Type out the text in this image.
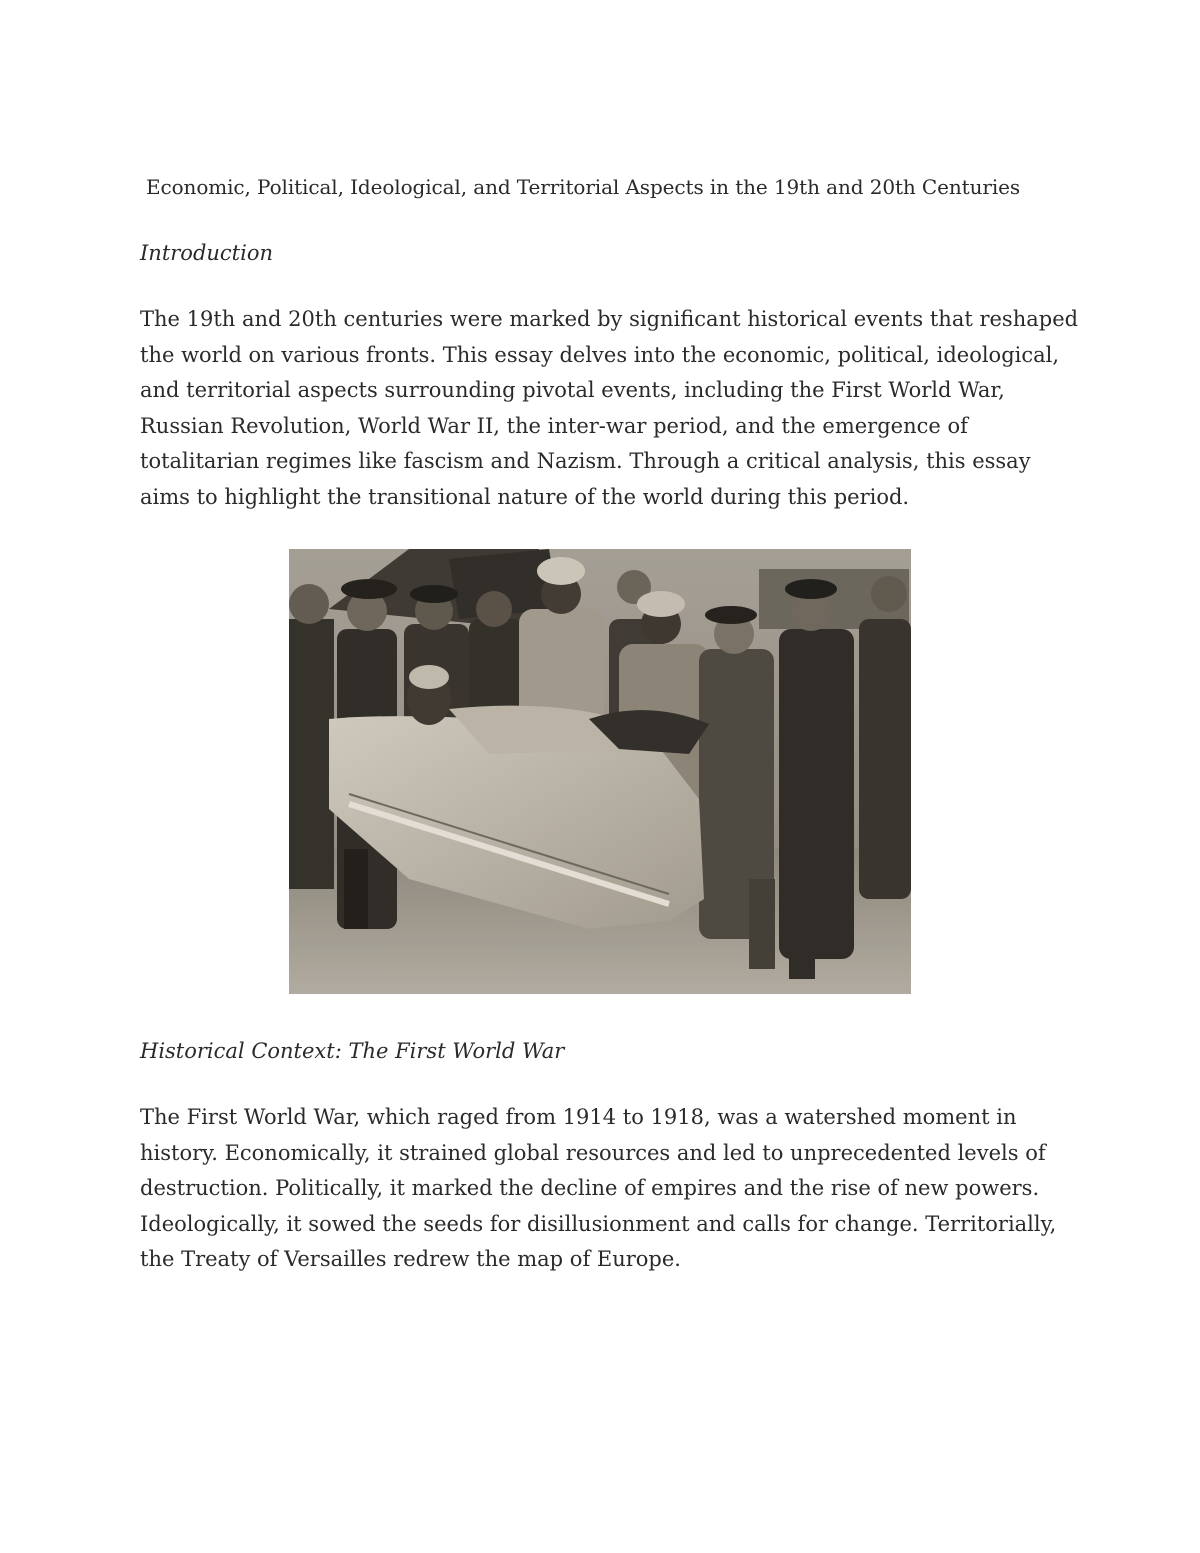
Economic, Political, Ideological, and Territorial Aspects in the 19th and 20th Centuries
Introduction
The 19th and 20th centuries were marked by significant historical events that reshaped
the world on various fronts. This essay delves into the economic, political, ideological,
and territorial aspects surrounding pivotal events, including the First World War,
Russian Revolution, World War II, the inter-war period, and the emergence of
totalitarian regimes like fascism and Nazism. Through a critical analysis, this essay
aims to highlight the transitional nature of the world during this period.
Historical Context: The First World War
The First World War, which raged from 1914 to 1918, was a watershed moment in
history. Economically, it strained global resources and led to unprecedented levels of
destruction. Politically, it marked the decline of empires and the rise of new powers.
Ideologically, it sowed the seeds for disillusionment and calls for change. Territorially,
the Treaty of Versailles redrew the map of Europe.
